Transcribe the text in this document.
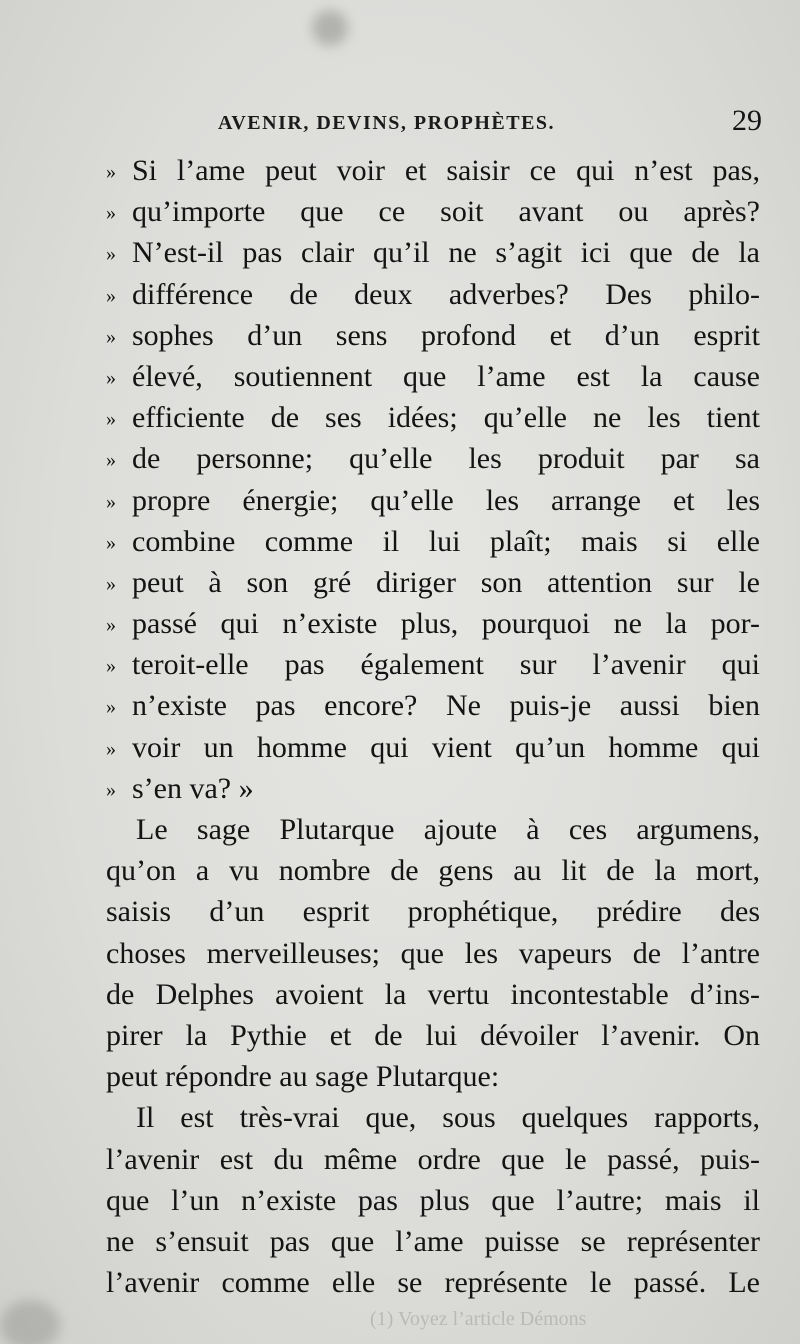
AVENIR, DEVINS, PROPHÈTES.	29
» Si l’ame peut voir et saisir ce qui n’est pas,
» qu’importe que ce soit avant ou après?
» N’est-il pas clair qu’il ne s’agit ici que de la
» différence de deux adverbes? Des philo-
» sophes d’un sens profond et d’un esprit
» élevé, soutiennent que l’ame est la cause
» efficiente de ses idées; qu’elle ne les tient
» de personne; qu’elle les produit par sa
» propre énergie; qu’elle les arrange et les
» combine comme il lui plaît; mais si elle
» peut à son gré diriger son attention sur le
» passé qui n’existe plus, pourquoi ne la por-
» teroit-elle pas également sur l’avenir qui
» n’existe pas encore? Ne puis-je aussi bien
» voir un homme qui vient qu’un homme qui
» s’en va? »
Le sage Plutarque ajoute à ces argumens,
qu’on a vu nombre de gens au lit de la mort,
saisis d’un esprit prophétique, prédire des
choses merveilleuses; que les vapeurs de l’antre
de Delphes avoient la vertu incontestable d’ins-
pirer la Pythie et de lui dévoiler l’avenir. On
peut répondre au sage Plutarque:
Il est très-vrai que, sous quelques rapports,
l’avenir est du même ordre que le passé, puis-
que l’un n’existe pas plus que l’autre; mais il
ne s’ensuit pas que l’ame puisse se représenter
l’avenir comme elle se représente le passé. Le
(1) Voyez l’article Démons
